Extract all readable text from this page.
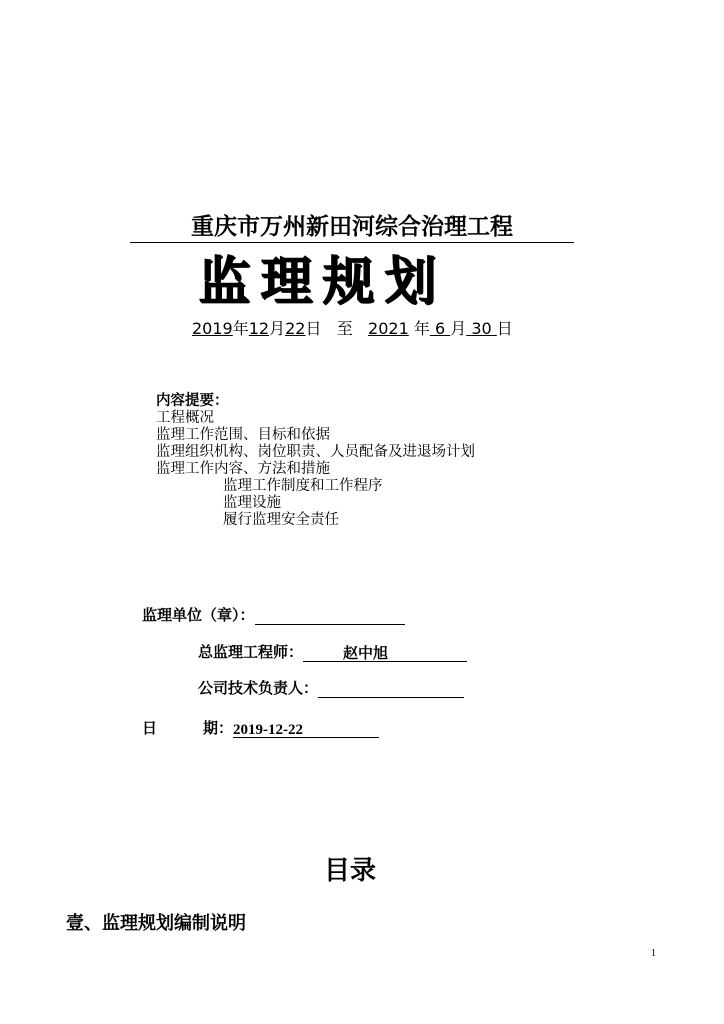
重庆市万州新田河综合治理工程
监理规划
2019年12月22日 至 2021 年 6 月 30 日
内容提要：
工程概况
监理工作范围、目标和依据
监理组织机构、岗位职责、人员配备及进退场计划
监理工作内容、方法和措施
监理工作制度和工作程序
监理设施
履行监理安全责任
监理单位（章）：
总监理工程师：	赵中旭
公司技术负责人：
日	期：2019-12-22
目录
壹、监理规划编制说明
1
